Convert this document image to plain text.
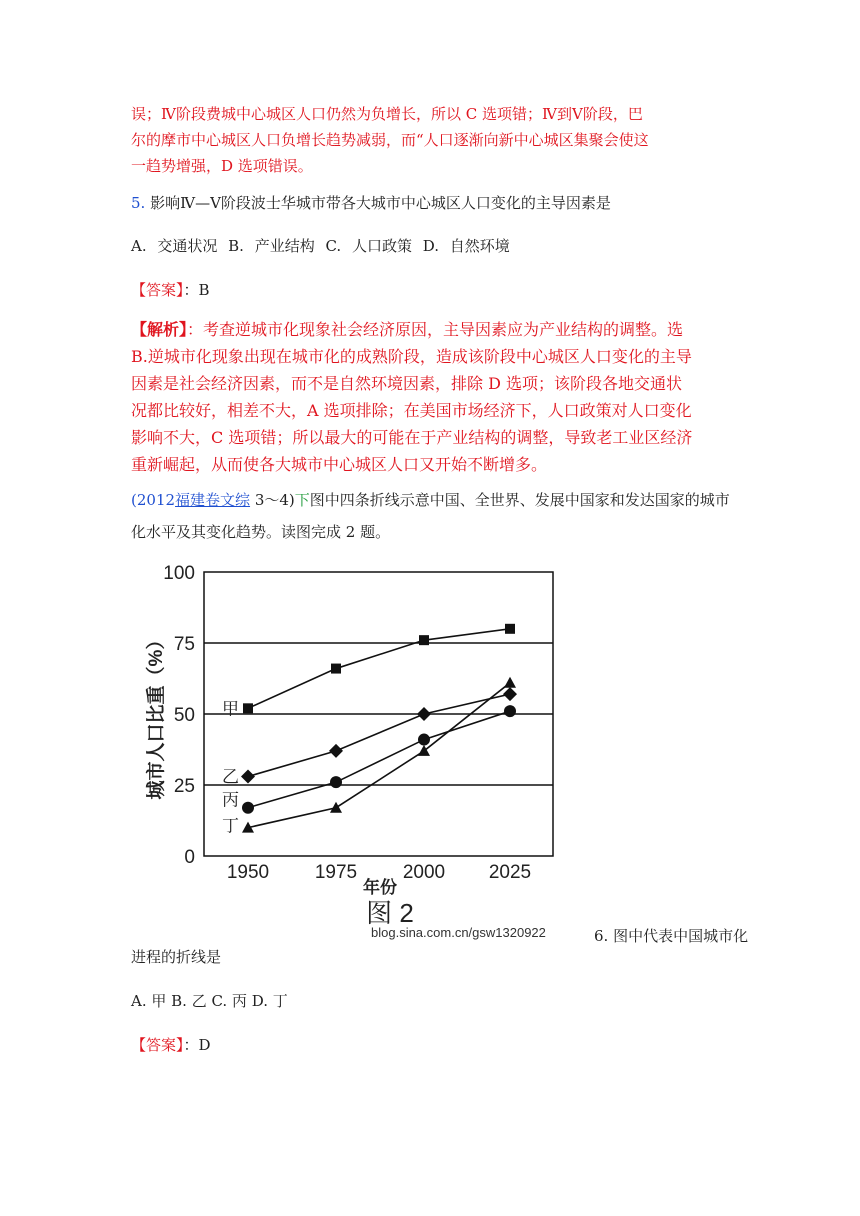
误；Ⅳ阶段费城中心城区人口仍然为负增长，所以 C 选项错；Ⅳ到Ⅴ阶段，巴
尔的摩市中心城区人口负增长趋势减弱，而“人口逐渐向新中心城区集聚会使这
一趋势增强，D 选项错误。
5. 影响Ⅳ—Ⅴ阶段波士华城市带各大城市中心城区人口变化的主导因素是
A. 交通状况 B. 产业结构 C. 人口政策 D. 自然环境
【答案】：B
【解析】：考查逆城市化现象社会经济原因，主导因素应为产业结构的调整。选
B.逆城市化现象出现在城市化的成熟阶段，造成该阶段中心城区人口变化的主导
因素是社会经济因素，而不是自然环境因素，排除 D 选项；该阶段各地交通状
况都比较好，相差不大，A 选项排除；在美国市场经济下，人口政策对人口变化
影响不大，C 选项错；所以最大的可能在于产业结构的调整，导致老工业区经济
重新崛起，从而使各大城市中心城区人口又开始不断增多。
(2012福建卷文综 3～4)下图中四条折线示意中国、全世界、发展中国家和发达国家的城市
化水平及其变化趋势。读图完成 2 题。
0
25
50
75
100
1950 1975 2000 2025
甲
乙
丙
丁
城市人口比重（%）
年份
图 2
blog.sina.com.cn/gsw1320922	6. 图中代表中国城市化
进程的折线是
A. 甲 B. 乙 C. 丙 D. 丁
【答案】：D
